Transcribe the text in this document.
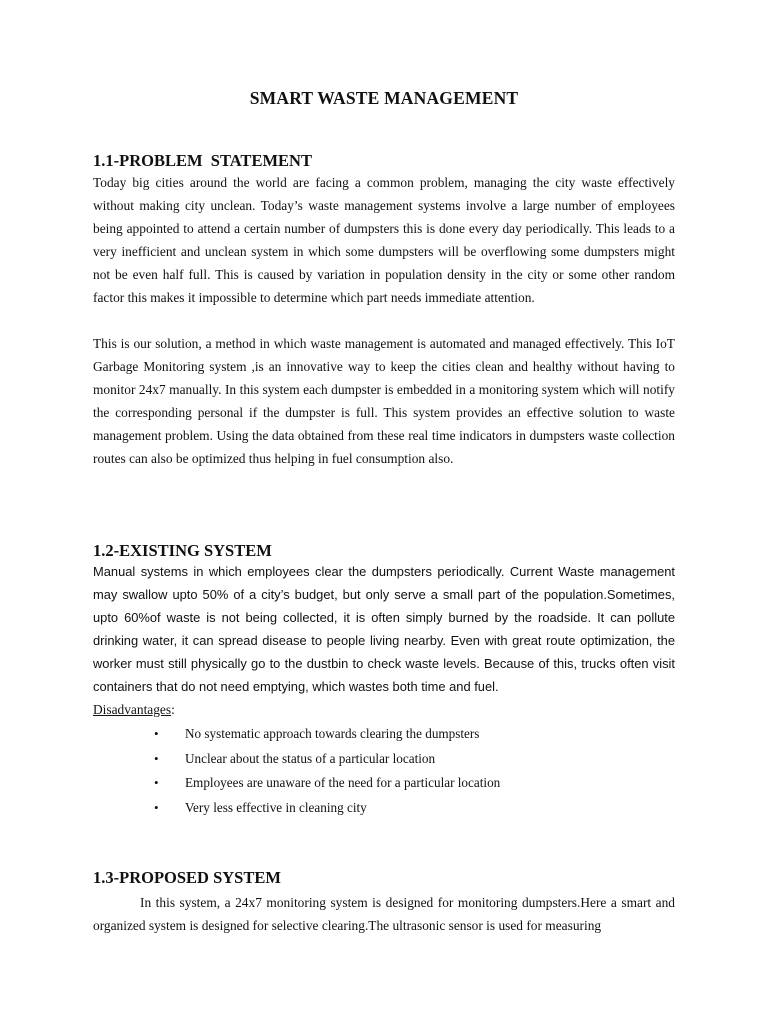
SMART WASTE MANAGEMENT
1.1-PROBLEM  STATEMENT
Today big cities around the world are facing a common problem, managing the city waste effectively without making city unclean. Today’s waste management systems involve a large number of employees being appointed to attend a certain number of dumpsters this is done every day periodically. This leads to a very inefficient and unclean system in which some dumpsters will be overflowing some dumpsters might not be even half full. This is caused by variation in population density in the city or some other random factor this makes it impossible to determine which part needs immediate attention.
This is our solution, a method in which waste management is automated and managed effectively. This IoT Garbage Monitoring system ,is an innovative way to keep the cities clean and healthy without having to monitor 24x7 manually. In this system each dumpster is embedded in a monitoring system which will notify the corresponding personal if the dumpster is full. This system provides an effective solution to waste management problem. Using the data obtained from these real time indicators in dumpsters waste collection routes can also be optimized thus helping in fuel consumption also.
1.2-EXISTING SYSTEM
Manual systems in which employees clear the dumpsters periodically. Current Waste management may swallow upto 50% of a city’s budget, but only serve a small part of the population.Sometimes, upto 60%of waste is not being collected, it is often simply burned by the roadside. It can pollute drinking water, it can spread disease to people living nearby. Even with great route optimization, the worker must still physically go to the dustbin to check waste levels. Because of this, trucks often visit containers that do not need emptying, which wastes both time and fuel.
Disadvantages:
• No systematic approach towards clearing the dumpsters
• Unclear about the status of a particular location
• Employees are unaware of the need for a particular location
• Very less effective in cleaning city
1.3-PROPOSED SYSTEM
In this system, a 24x7 monitoring system is designed for monitoring dumpsters.Here a smart and organized system is designed for selective clearing.The ultrasonic sensor is used for measuring
